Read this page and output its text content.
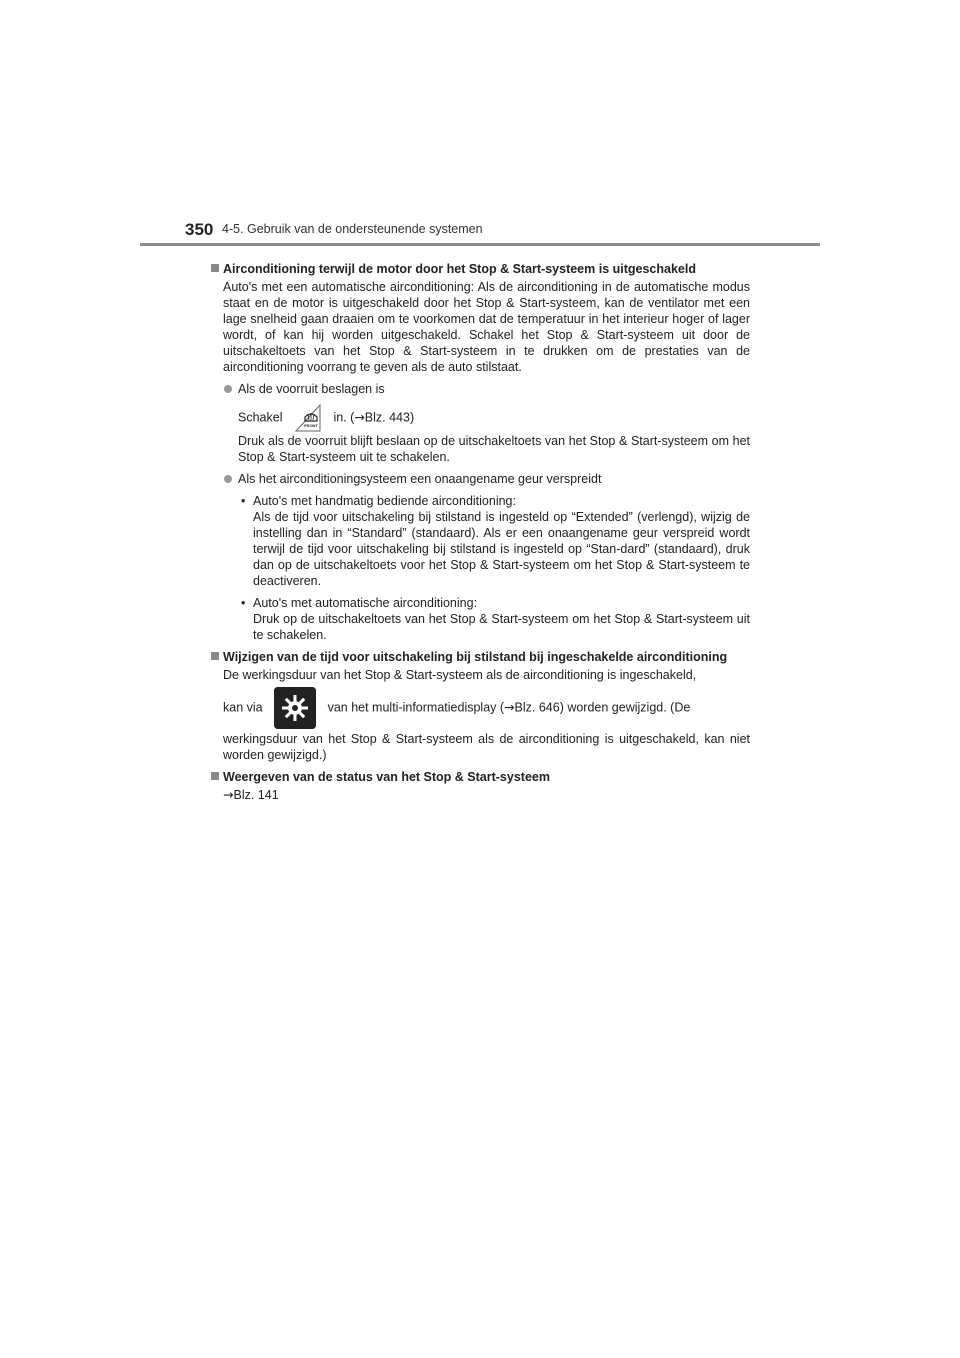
350 4-5. Gebruik van de ondersteunende systemen
Airconditioning terwijl de motor door het Stop & Start-systeem is uitgeschakeld
Auto's met een automatische airconditioning: Als de airconditioning in de automatische modus staat en de motor is uitgeschakeld door het Stop & Start-systeem, kan de ventilator met een lage snelheid gaan draaien om te voorkomen dat de temperatuur in het interieur hoger of lager wordt, of kan hij worden uitgeschakeld. Schakel het Stop & Start-systeem uit door de uitschakeltoets van het Stop & Start-systeem in te drukken om de prestaties van de airconditioning voorrang te geven als de auto stilstaat.
Als de voorruit beslagen is
Schakel
FRONT
in. (→Blz. 443)
Druk als de voorruit blijft beslaan op de uitschakeltoets van het Stop & Start-systeem om het Stop & Start-systeem uit te schakelen.
Als het airconditioningsysteem een onaangename geur verspreidt
• Auto's met handmatig bediende airconditioning:
Als de tijd voor uitschakeling bij stilstand is ingesteld op “Extended” (verlengd), wijzig de instelling dan in “Standard” (standaard). Als er een onaangename geur verspreid wordt terwijl de tijd voor uitschakeling bij stilstand is ingesteld op “Stan-dard” (standaard), druk dan op de uitschakeltoets voor het Stop & Start-systeem om het Stop & Start-systeem te deactiveren.
• Auto's met automatische airconditioning:
Druk op de uitschakeltoets van het Stop & Start-systeem om het Stop & Start-systeem uit te schakelen.
Wijzigen van de tijd voor uitschakeling bij stilstand bij ingeschakelde airconditioning
De werkingsduur van het Stop & Start-systeem als de airconditioning is ingeschakeld,
kan via	van het multi-informatiedisplay (→Blz. 646) worden gewijzigd. (De
werkingsduur van het Stop & Start-systeem als de airconditioning is uitgeschakeld, kan niet worden gewijzigd.)
Weergeven van de status van het Stop & Start-systeem
→Blz. 141
